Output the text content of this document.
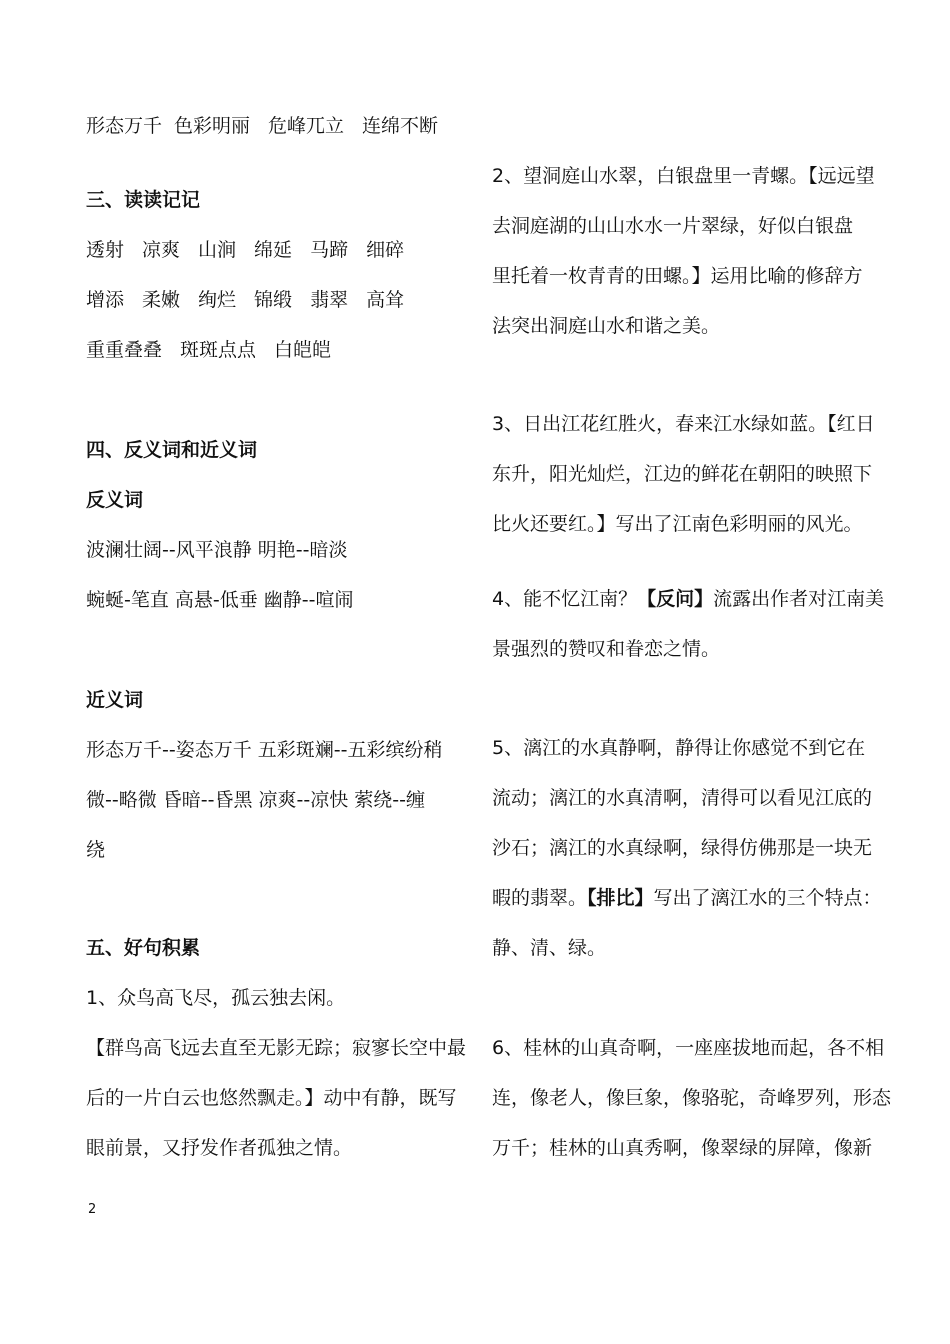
形态万千 色彩明丽 危峰兀立 连绵不断
三、读读记记
透射 凉爽 山涧 绵延 马蹄 细碎
增添 柔嫩 绚烂 锦缎 翡翠 高耸
重重叠叠 斑斑点点 白皑皑
四、反义词和近义词
反义词
波澜壮阔--风平浪静 明艳--暗淡
蜿蜒-笔直 高悬-低垂 幽静--喧闹
近义词
形态万千--姿态万千 五彩斑斓--五彩缤纷稍
微--略微 昏暗--昏黑 凉爽--凉快 萦绕--缠
绕
五、好句积累
1、众鸟高飞尽，孤云独去闲。
【群鸟高飞远去直至无影无踪；寂寥长空中最
后的一片白云也悠然飘走。】动中有静，既写
眼前景，又抒发作者孤独之情。
2、望洞庭山水翠，白银盘里一青螺。【远远望
去洞庭湖的山山水水一片翠绿，好似白银盘
里托着一枚青青的田螺。】运用比喻的修辞方
法突出洞庭山水和谐之美。
3、日出江花红胜火，春来江水绿如蓝。【红日
东升，阳光灿烂，江边的鲜花在朝阳的映照下
比火还要红。】写出了江南色彩明丽的风光。
4、能不忆江南？【反问】流露出作者对江南美
景强烈的赞叹和眷恋之情。
5、漓江的水真静啊，静得让你感觉不到它在
流动；漓江的水真清啊，清得可以看见江底的
沙石；漓江的水真绿啊，绿得仿佛那是一块无
暇的翡翠。【排比】写出了漓江水的三个特点：
静、清、绿。
6、桂林的山真奇啊，一座座拔地而起，各不相
连，像老人，像巨象，像骆驼，奇峰罗列，形态
万千；桂林的山真秀啊，像翠绿的屏障，像新
2
